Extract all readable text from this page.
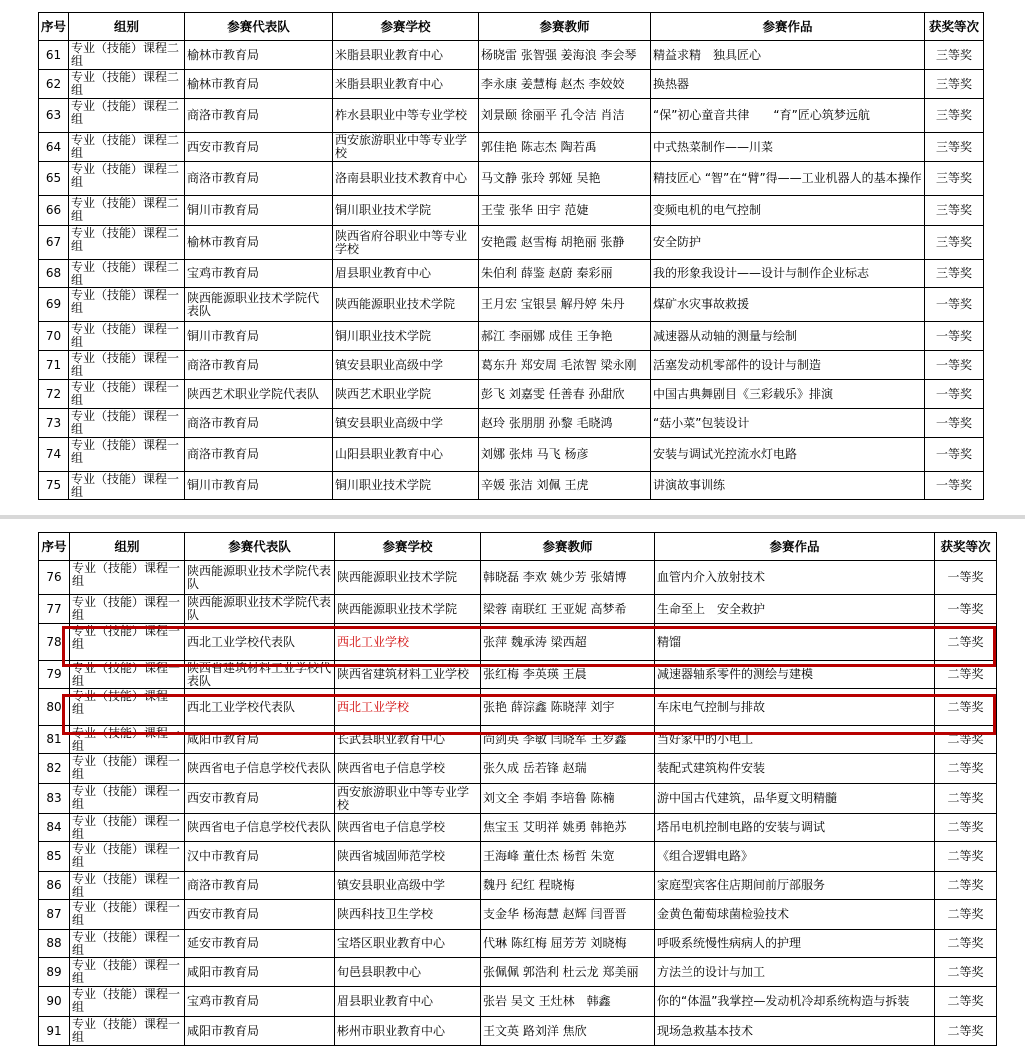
序号	组别	参赛代表队	参赛学校	参赛教师	参赛作品	获奖等次
61	专业（技能）课程二组	榆林市教育局	米脂县职业教育中心	杨晓雷 张智强 姜海浪 李会琴	精益求精　独具匠心	三等奖
62	专业（技能）课程二组	榆林市教育局	米脂县职业教育中心	李永康 姜慧梅 赵杰 李姣姣	换热器	三等奖
63	专业（技能）课程二组	商洛市教育局	柞水县职业中等专业学校	刘景颐 徐丽平 孔令洁 肖洁	“保”初心童音共律　　“育”匠心筑梦远航	三等奖
64	专业（技能）课程二组	西安市教育局	西安旅游职业中等专业学校	郭佳艳 陈志杰 陶若禹	中式热菜制作——川菜	三等奖
65	专业（技能）课程二组	商洛市教育局	洛南县职业技术教育中心	马文静 张玲 郭娅 吴艳	精技匠心 “智”在“臂”得——工业机器人的基本操作	三等奖
66	专业（技能）课程二组	铜川市教育局	铜川职业技术学院	王莹 张华 田宇 范婕	变频电机的电气控制	三等奖
67	专业（技能）课程二组	榆林市教育局	陕西省府谷职业中等专业学校	安艳霞 赵雪梅 胡艳丽 张静	安全防护	三等奖
68	专业（技能）课程二组	宝鸡市教育局	眉县职业教育中心	朱伯利 薛鉴 赵蔚 秦彩丽	我的形象我设计——设计与制作企业标志	三等奖
69	专业（技能）课程一组	陕西能源职业技术学院代表队	陕西能源职业技术学院	王月宏 宝银昙 解丹婷 朱丹	煤矿水灾事故救援	一等奖
70	专业（技能）课程一组	铜川市教育局	铜川职业技术学院	郝江 李丽娜 成佳 王争艳	减速器从动轴的测量与绘制	一等奖
71	专业（技能）课程一组	商洛市教育局	镇安县职业高级中学	葛东升 郑安周 毛浓智 梁永刚	活塞发动机零部件的设计与制造	一等奖
72	专业（技能）课程一组	陕西艺术职业学院代表队	陕西艺术职业学院	彭飞 刘嘉雯 任善春 孙甜欣	中国古典舞剧目《三彩载乐》排演	一等奖
73	专业（技能）课程一组	商洛市教育局	镇安县职业高级中学	赵玲 张朋朋 孙黎 毛晓鸿	“菇小菜”包装设计	一等奖
74	专业（技能）课程一组	商洛市教育局	山阳县职业教育中心	刘娜 张炜 马飞 杨彦	安装与调试光控流水灯电路	一等奖
75	专业（技能）课程一组	铜川市教育局	铜川职业技术学院	辛媛 张洁 刘佩 王虎	讲演故事训练	一等奖
序号	组别	参赛代表队	参赛学校	参赛教师	参赛作品	获奖等次
76	专业（技能）课程一组	陕西能源职业技术学院代表队	陕西能源职业技术学院	韩晓磊 李欢 姚少芳 张婧博	血管内介入放射技术	一等奖
77	专业（技能）课程一组	陕西能源职业技术学院代表队	陕西能源职业技术学院	梁蓉 南联红 王亚妮 高梦希	生命至上　安全救护	一等奖
78	专业（技能）课程一组	西北工业学校代表队	西北工业学校	张萍 魏承涛 梁西超	精馏	二等奖
79	专业（技能）课程一组	陕西省建筑材料工业学校代表队	陕西省建筑材料工业学校	张红梅 李英瑛 王晨	减速器轴系零件的测绘与建模	二等奖
80	专业（技能）课程一组	西北工业学校代表队	西北工业学校	张艳 薛淙鑫 陈晓萍 刘宇	车床电气控制与排故	二等奖
81	专业（技能）课程一组	咸阳市教育局	长武县职业教育中心	尚剑英 李敏 闫晓军 王岁鑫	当好家中的小电工	二等奖
82	专业（技能）课程一组	陕西省电子信息学校代表队	陕西省电子信息学校	张久成 岳若锋 赵瑞	装配式建筑构件安装	二等奖
83	专业（技能）课程一组	西安市教育局	西安旅游职业中等专业学校	刘文全 李娟 李培鲁 陈楠	游中国古代建筑，品华夏文明精髓	二等奖
84	专业（技能）课程一组	陕西省电子信息学校代表队	陕西省电子信息学校	焦宝玉 艾明祥 姚勇 韩艳苏	塔吊电机控制电路的安装与调试	二等奖
85	专业（技能）课程一组	汉中市教育局	陕西省城固师范学校	王海峰 董仕杰 杨哲 朱宽	《组合逻辑电路》	二等奖
86	专业（技能）课程一组	商洛市教育局	镇安县职业高级中学	魏丹 纪红 程晓梅	家庭型宾客住店期间前厅部服务	二等奖
87	专业（技能）课程一组	西安市教育局	陕西科技卫生学校	支金华 杨海慧 赵辉 闫晋晋	金黄色葡萄球菌检验技术	二等奖
88	专业（技能）课程一组	延安市教育局	宝塔区职业教育中心	代琳 陈红梅 屈芳芳 刘晓梅	呼吸系统慢性病病人的护理	二等奖
89	专业（技能）课程一组	咸阳市教育局	旬邑县职教中心	张佩佩 郭浩利 杜云龙 郑美丽	方法兰的设计与加工	二等奖
90	专业（技能）课程一组	宝鸡市教育局	眉县职业教育中心	张岩 吴文 王灶林　韩鑫	你的“体温”我掌控—发动机冷却系统构造与拆装	二等奖
91	专业（技能）课程一组	咸阳市教育局	彬州市职业教育中心	王文英 路刘洋 焦欣	现场急救基本技术	二等奖
